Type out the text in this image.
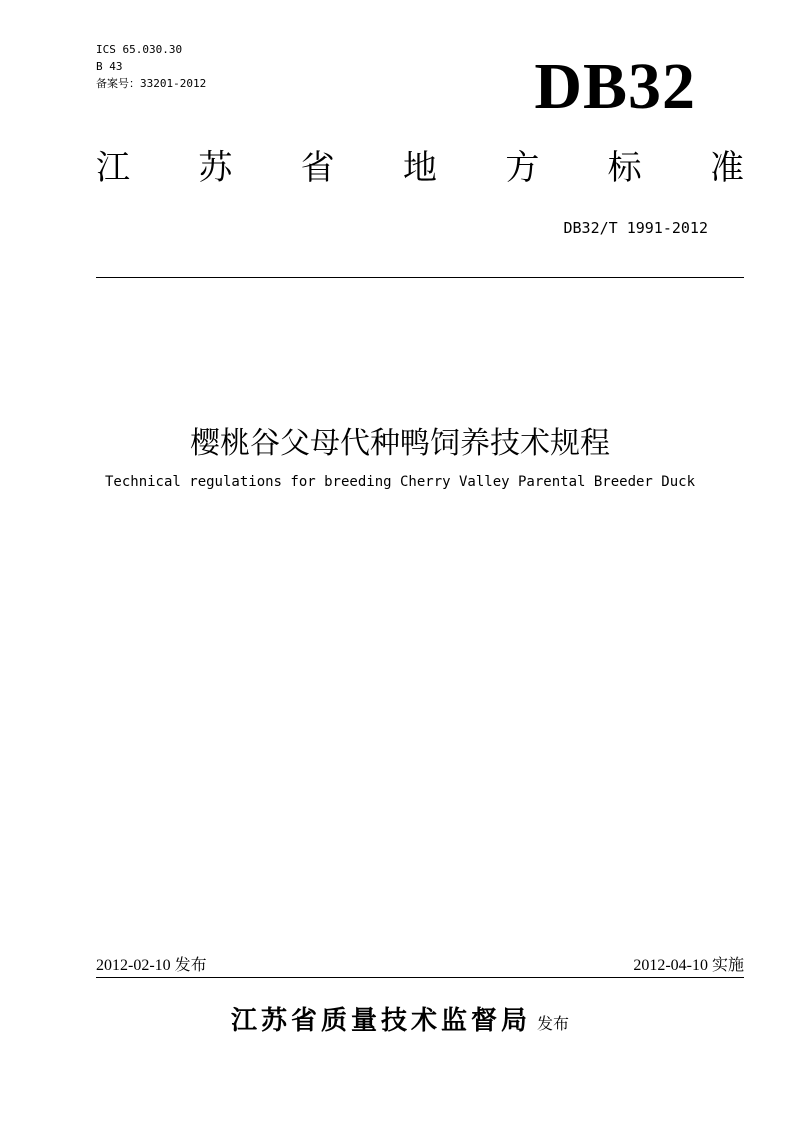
ICS 65.030.30
B 43
备案号：33201-2012	DB32
江 苏 省 地 方 标 准
DB32/T 1991-2012
樱桃谷父母代种鸭饲养技术规程
Technical regulations for breeding Cherry Valley Parental Breeder Duck
2012-02-10 发布	2012-04-10 实施
江苏省质量技术监督局 发布
